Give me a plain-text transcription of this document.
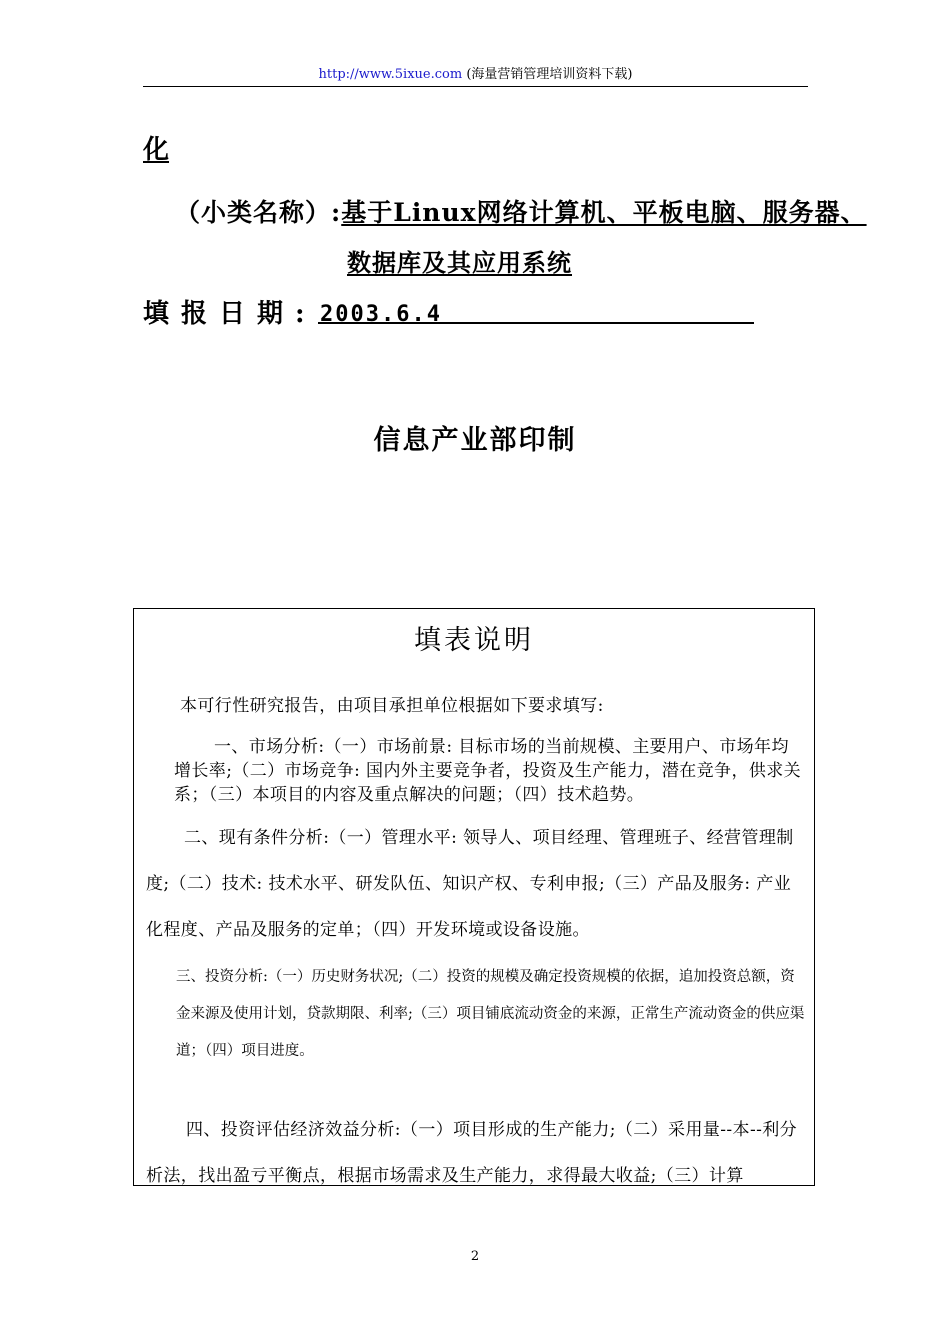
http://www.5ixue.com (海量营销管理培训资料下载)
化
（小类名称）:基于Linux网络计算机、平板电脑、服务器、
数据库及其应用系统
填报日期: 2003.6.4
信息产业部印制
填表说明
本可行性研究报告，由项目承担单位根据如下要求填写:
一、市场分析:（一）市场前景: 目标市场的当前规模、主要用户、市场年均增长率;（二）市场竞争: 国内外主要竞争者，投资及生产能力，潜在竞争，供求关系；（三）本项目的内容及重点解决的问题；（四）技术趋势。
二、现有条件分析:（一）管理水平: 领导人、项目经理、管理班子、经营管理制度;（二）技术: 技术水平、研发队伍、知识产权、专利申报;（三）产品及服务: 产业化程度、产品及服务的定单；（四）开发环境或设备设施。
三、投资分析:（一）历史财务状况;（二）投资的规模及确定投资规模的依据，追加投资总额，资金来源及使用计划，贷款期限、利率;（三）项目铺底流动资金的来源，正常生产流动资金的供应渠道；（四）项目进度。
四、投资评估经济效益分析:（一）项目形成的生产能力;（二）采用量--本--利分析法，找出盈亏平衡点，根据市场需求及生产能力，求得最大收益;（三）计算
2
